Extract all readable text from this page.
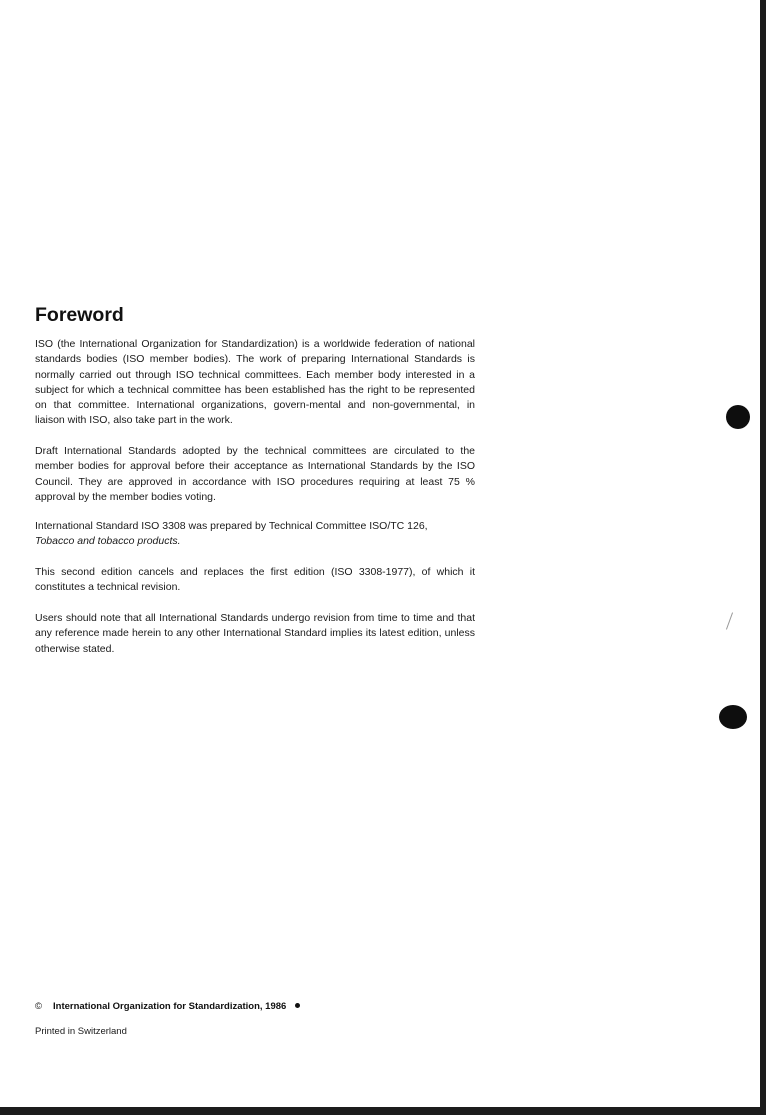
Foreword

ISO (the International Organization for Standardization) is a worldwide federation of national standards bodies (ISO member bodies). The work of preparing International Standards is normally carried out through ISO technical committees. Each member body interested in a subject for which a technical committee has been established has the right to be represented on that committee. International organizations, govern-mental and non-governmental, in liaison with ISO, also take part in the work.

Draft International Standards adopted by the technical committees are circulated to the member bodies for approval before their acceptance as International Standards by the ISO Council. They are approved in accordance with ISO procedures requiring at least 75 % approval by the member bodies voting.

International Standard ISO 3308 was prepared by Technical Committee ISO/TC 126,
Tobacco and tobacco products.

This second edition cancels and replaces the first edition (ISO 3308-1977), of which it constitutes a technical revision.

Users should note that all International Standards undergo revision from time to time and that any reference made herein to any other International Standard implies its latest edition, unless otherwise stated.

© International Organization for Standardization, 1986
Printed in Switzerland
